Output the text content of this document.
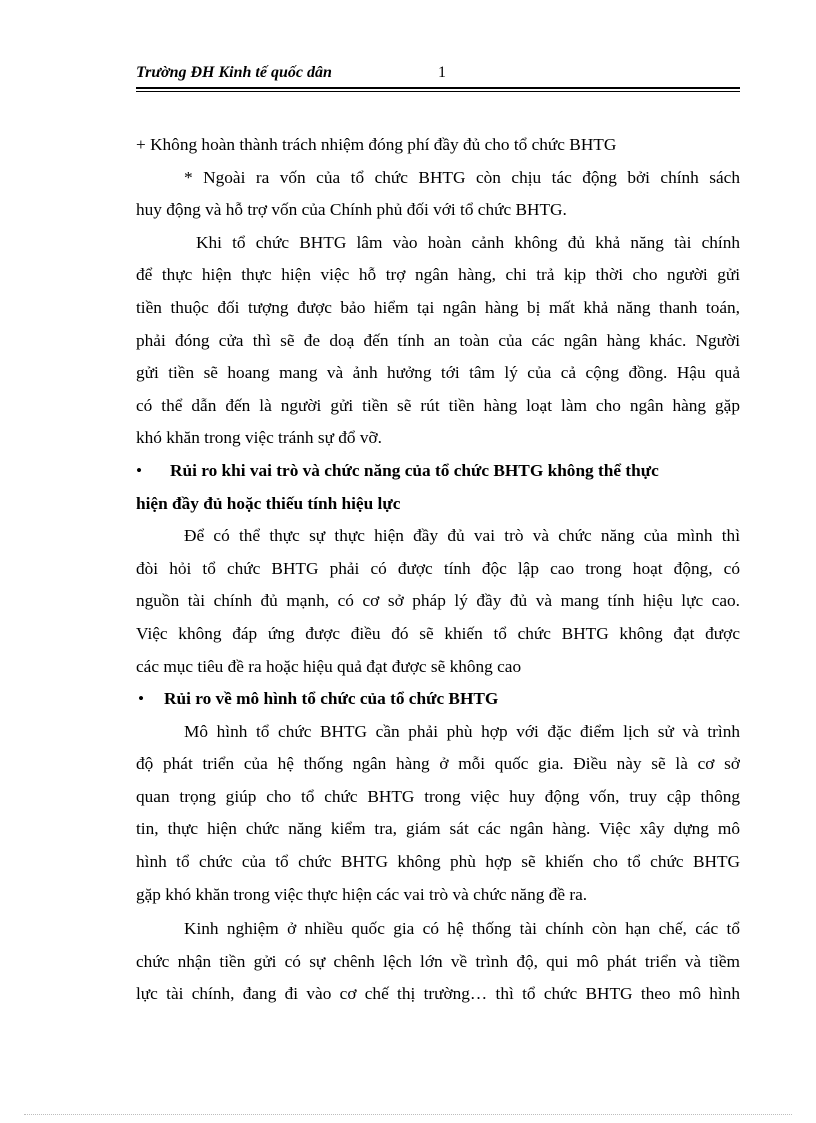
Trường ĐH Kinh tế quốc dân	1
+ Không hoàn thành trách nhiệm đóng phí đầy đủ cho tổ chức BHTG
* Ngoài ra vốn của tổ chức BHTG còn chịu tác động bởi chính sách
huy động và hỗ trợ vốn của Chính phủ đối với tổ chức BHTG.
Khi tổ chức BHTG lâm vào hoàn cảnh không đủ khả năng tài chính
để thực hiện thực hiện việc hỗ trợ ngân hàng, chi trả kịp thời cho người gửi
tiền thuộc đối tượng được bảo hiểm tại ngân hàng bị mất khả năng thanh toán,
phải đóng cửa thì sẽ đe doạ đến tính an toàn của các ngân hàng khác. Người
gửi tiền sẽ hoang mang và ảnh hưởng tới tâm lý của cả cộng đồng. Hậu quả
có thể dẫn đến là người gửi tiền sẽ rút tiền hàng loạt làm cho ngân hàng gặp
khó khăn trong việc tránh sự đổ vỡ.
• Rủi ro khi vai trò và chức năng của tổ chức BHTG không thể thực
hiện đầy đủ hoặc thiếu tính hiệu lực
Để có thể thực sự thực hiện đầy đủ vai trò và chức năng của mình thì
đòi hỏi tổ chức BHTG phải có được tính độc lập cao trong hoạt động, có
nguồn tài chính đủ mạnh, có cơ sở pháp lý đầy đủ và mang tính hiệu lực cao.
Việc không đáp ứng được điều đó sẽ khiến tổ chức BHTG không đạt được
các mục tiêu đề ra hoặc hiệu quả đạt được sẽ không cao
• Rủi ro về mô hình tổ chức của tổ chức BHTG
Mô hình tổ chức BHTG cần phải phù hợp với đặc điểm lịch sử và trình
độ phát triển của hệ thống ngân hàng ở mỗi quốc gia. Điều này sẽ là cơ sở
quan trọng giúp cho tổ chức BHTG trong việc huy động vốn, truy cập thông
tin, thực hiện chức năng kiểm tra, giám sát các ngân hàng. Việc xây dựng mô
hình tổ chức của tổ chức BHTG không phù hợp sẽ khiến cho tổ chức BHTG
gặp khó khăn trong việc thực hiện các vai trò và chức năng đề ra.
Kinh nghiệm ở nhiều quốc gia có hệ thống tài chính còn hạn chế, các tổ
chức nhận tiền gửi có sự chênh lệch lớn về trình độ, qui mô phát triển và tiềm
lực tài chính, đang đi vào cơ chế thị trường… thì tổ chức BHTG theo mô hình
